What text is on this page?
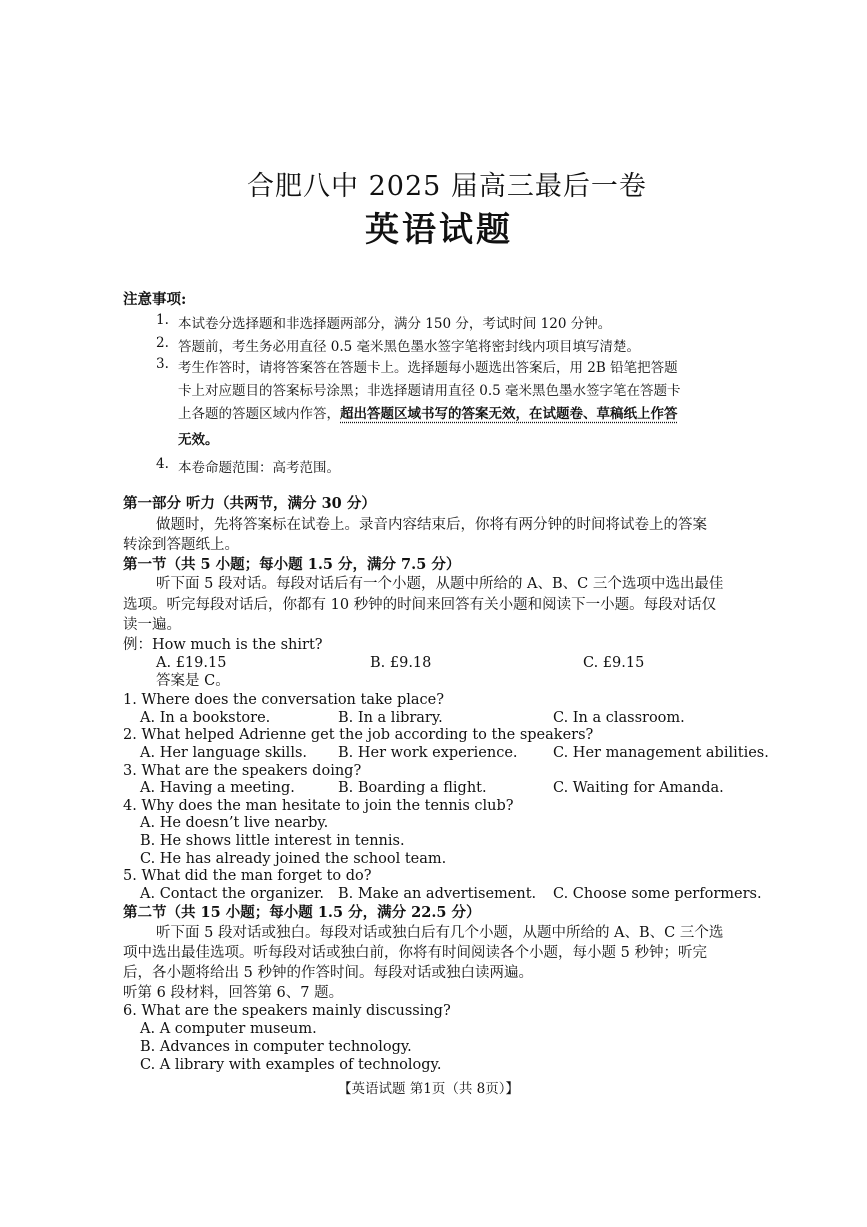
合肥八中 2025 届高三最后一卷
英语试题
注意事项:
1. 本试卷分选择题和非选择题两部分，满分 150 分，考试时间 120 分钟。
2. 答题前，考生务必用直径 0.5 毫米黑色墨水签字笔将密封线内项目填写清楚。
3. 考生作答时，请将答案答在答题卡上。选择题每小题选出答案后，用 2B 铅笔把答题
卡上对应题目的答案标号涂黑；非选择题请用直径 0.5 毫米黑色墨水签字笔在答题卡
上各题的答题区域内作答，超出答题区域书写的答案无效，在试题卷、草稿纸上作答
无效。
4. 本卷命题范围：高考范围。
第一部分 听力（共两节，满分 30 分）
做题时，先将答案标在试卷上。录音内容结束后，你将有两分钟的时间将试卷上的答案
转涂到答题纸上。
第一节（共 5 小题；每小题 1.5 分，满分 7.5 分）
听下面 5 段对话。每段对话后有一个小题，从题中所给的 A、B、C 三个选项中选出最佳
选项。听完每段对话后，你都有 10 秒钟的时间来回答有关小题和阅读下一小题。每段对话仅
读一遍。
例：How much is the shirt?
A. £19.15	B. £9.18	C. £9.15
答案是 C。
1. Where does the conversation take place?
A. In a bookstore.	B. In a library.	C. In a classroom.
2. What helped Adrienne get the job according to the speakers?
A. Her language skills. B. Her work experience. C. Her management abilities.
3. What are the speakers doing?
A. Having a meeting.	B. Boarding a flight.	C. Waiting for Amanda.
4. Why does the man hesitate to join the tennis club?
A. He doesn’t live nearby.
B. He shows little interest in tennis.
C. He has already joined the school team.
5. What did the man forget to do?
A. Contact the organizer. B. Make an advertisement. C. Choose some performers.
第二节（共 15 小题；每小题 1.5 分，满分 22.5 分）
听下面 5 段对话或独白。每段对话或独白后有几个小题，从题中所给的 A、B、C 三个选
项中选出最佳选项。听每段对话或独白前，你将有时间阅读各个小题，每小题 5 秒钟；听完
后，各小题将给出 5 秒钟的作答时间。每段对话或独白读两遍。
听第 6 段材料，回答第 6、7 题。
6. What are the speakers mainly discussing?
A. A computer museum.
B. Advances in computer technology.
C. A library with examples of technology.
【英语试题 第1页（共 8页）】
